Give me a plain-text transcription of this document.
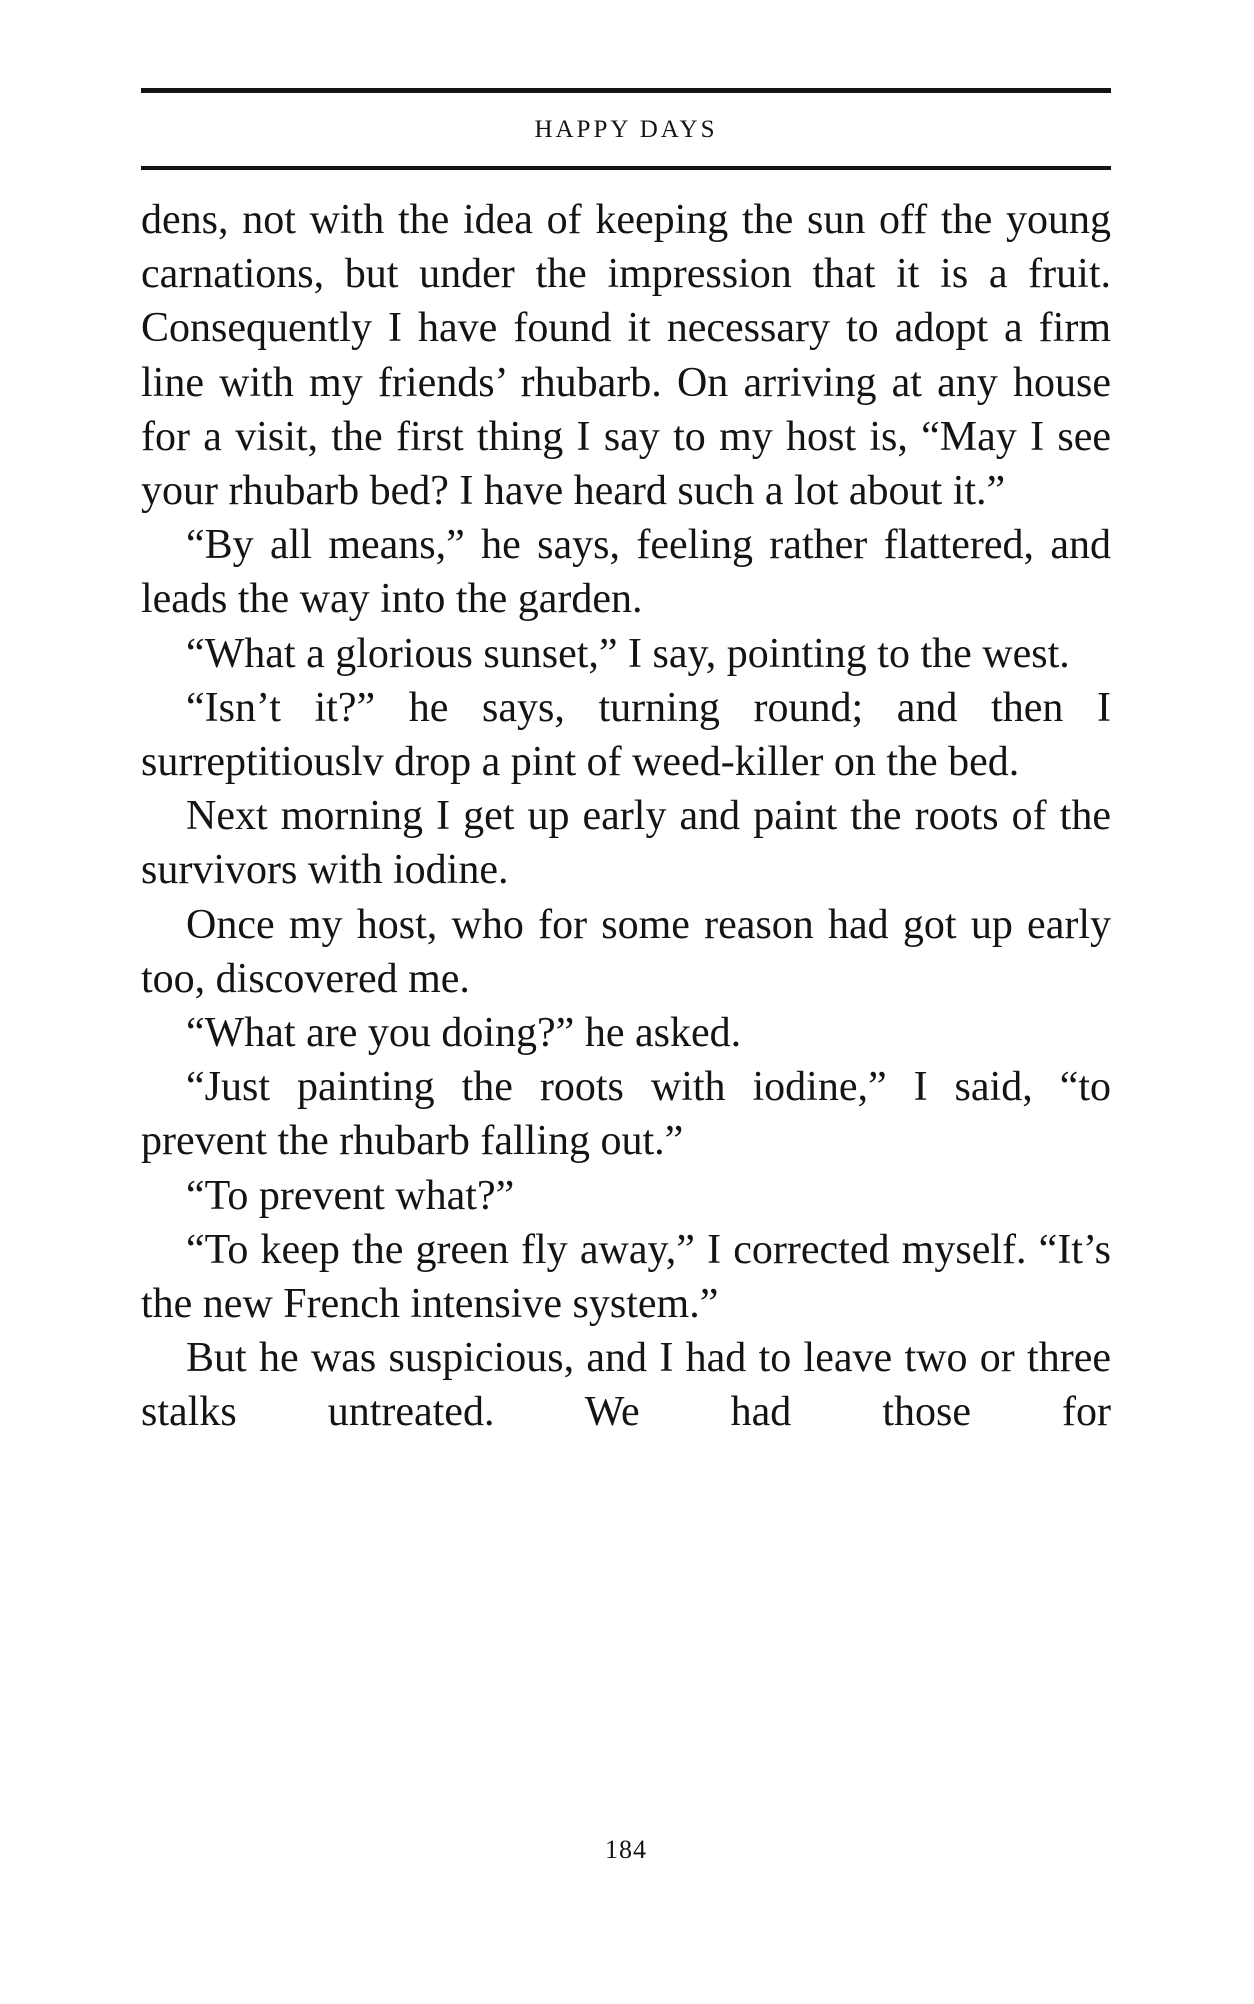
HAPPY DAYS

dens, not with the idea of keeping the sun off the young carnations, but under the impression that it is a fruit. Consequently I have found it necessary to adopt a firm line with my friends’ rhubarb. On arriving at any house for a visit, the first thing I say to my host is, “May I see your rhubarb bed? I have heard such a lot about it.”

“By all means,” he says, feeling rather flattered, and leads the way into the garden.

“What a glorious sunset,” I say, pointing to the west.

“Isn’t it?” he says, turning round; and then I surreptitiouslv drop a pint of weed-killer on the bed.

Next morning I get up early and paint the roots of the survivors with iodine.

Once my host, who for some reason had got up early too, discovered me.

“What are you doing?” he asked.

“Just painting the roots with iodine,” I said, “to prevent the rhubarb falling out.”

“To prevent what?”

“To keep the green fly away,” I corrected myself. “It’s the new French intensive system.”

But he was suspicious, and I had to leave two or three stalks untreated. We had those for

184
